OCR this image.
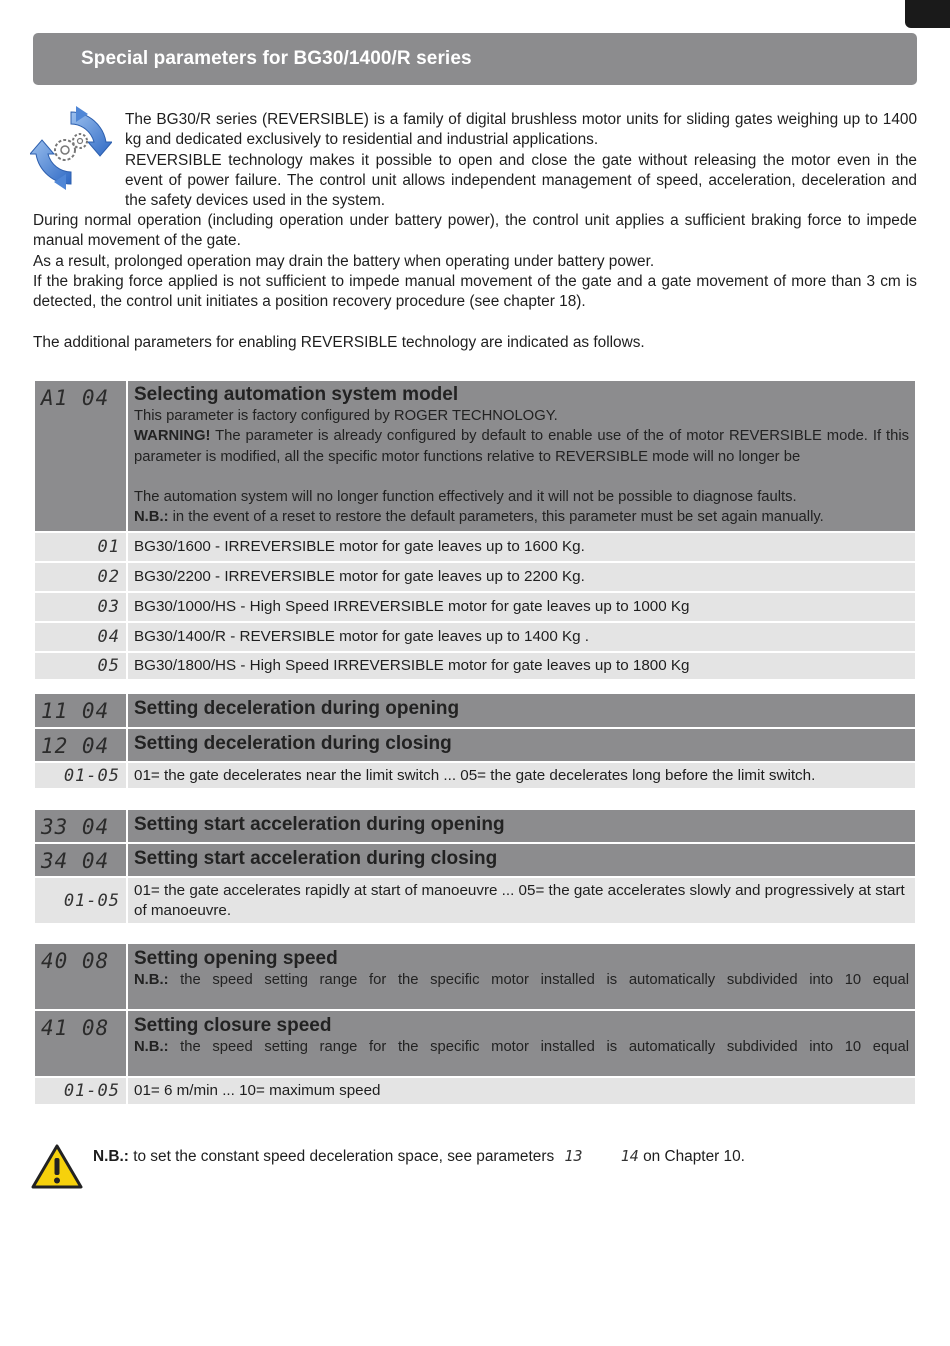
Special parameters for BG30/1400/R series

The BG30/R series (REVERSIBLE) is a family of digital brushless motor units for sliding gates weighing up to 1400 kg and dedicated exclusively to residential and industrial applications.

REVERSIBLE technology makes it possible to open and close the gate without releasing the motor even in the event of power failure. The control unit allows independent management of speed, acceleration, deceleration and the safety devices used in the system.

During normal operation (including operation under battery power), the control unit applies a sufficient braking force to impede manual movement of the gate.

As a result, prolonged operation may drain the battery when operating under battery power.

If the braking force applied is not sufficient to impede manual movement of the gate and a gate movement of more than 3 cm is detected, the control unit initiates a position recovery procedure (see chapter 18).

The additional parameters for enabling REVERSIBLE technology are indicated as follows.

A1 04	Selecting automation system model
This parameter is factory configured by ROGER TECHNOLOGY.
WARNING! The parameter is already configured by default to enable use of the of motor REVERSIBLE mode. If this parameter is modified, all the specific motor functions relative to REVERSIBLE mode will no longer be
The automation system will no longer function effectively and it will not be possible to diagnose faults.
N.B.: in the event of a reset to restore the default parameters, this parameter must be set again manually.
01 BG30/1600 - IRREVERSIBLE motor for gate leaves up to 1600 Kg.
02 BG30/2200 - IRREVERSIBLE motor for gate leaves up to 2200 Kg.
03 BG30/1000/HS - High Speed IRREVERSIBLE motor for gate leaves up to 1000 Kg
04 BG30/1400/R - REVERSIBLE motor for gate leaves up to 1400 Kg .
05 BG30/1800/HS - High Speed IRREVERSIBLE motor for gate leaves up to 1800 Kg
11 04	Setting deceleration during opening
12 04	Setting deceleration during closing
01-05 01= the gate decelerates near the limit switch ... 05= the gate decelerates long before the limit switch.
33 04	Setting start acceleration during opening
34 04	Setting start acceleration during closing
01-05
01= the gate accelerates rapidly at start of manoeuvre ... 05= the gate accelerates slowly and progressively at start of manoeuvre.
40 08	Setting opening speed
N.B.: the speed setting range for the specific motor installed is automatically subdivided into 10 equal
41 08	Setting closure speed
N.B.: the speed setting range for the specific motor installed is automatically subdivided into 10 equal
01-05 01= 6 m/min ... 10= maximum speed
N.B.: to set the constant speed deceleration space, see parameters 13	14 on Chapter 10.
